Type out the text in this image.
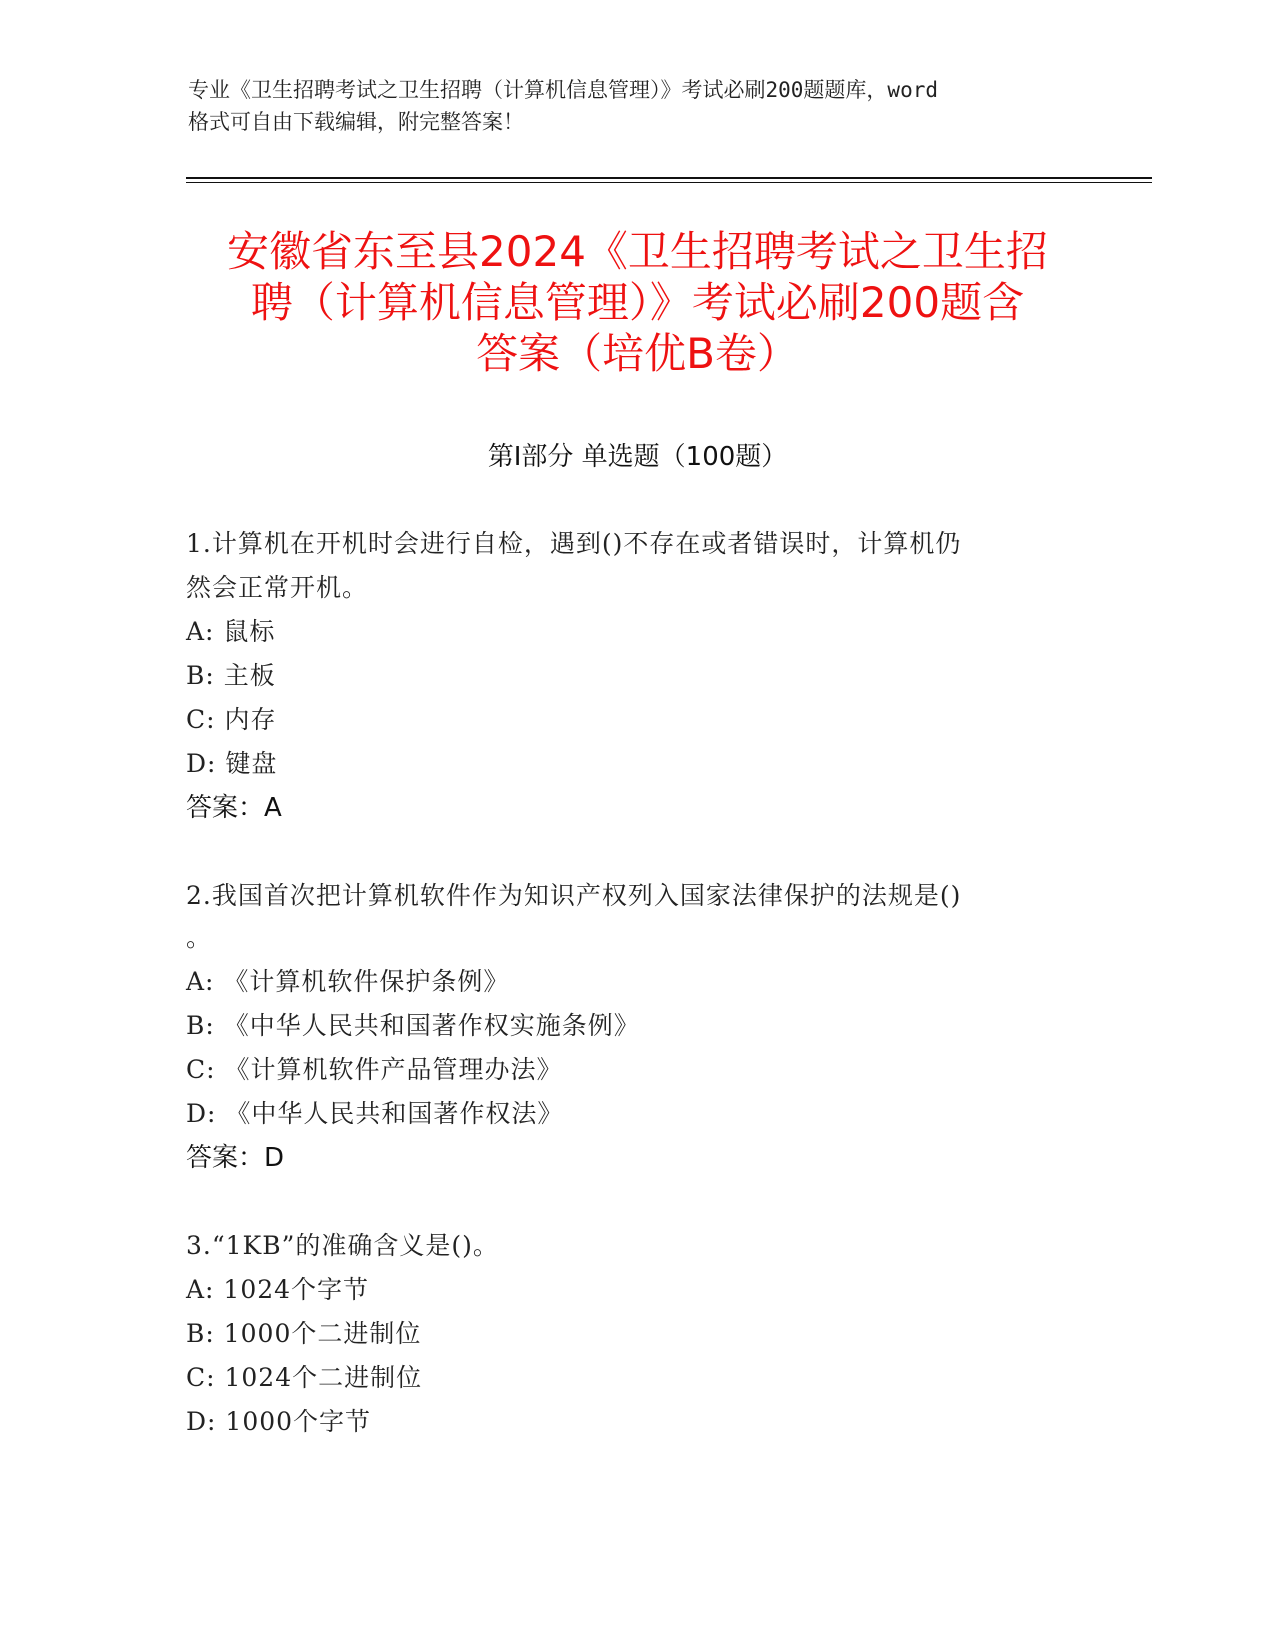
专业《卫生招聘考试之卫生招聘（计算机信息管理）》考试必刷200题题库，word
格式可自由下载编辑，附完整答案！
安徽省东至县2024《卫生招聘考试之卫生招
聘（计算机信息管理）》考试必刷200题含
答案（培优B卷）
第Ⅰ部分 单选题（100题）
1.计算机在开机时会进行自检，遇到()不存在或者错误时，计算机仍
然会正常开机。
A: 鼠标
B: 主板
C: 内存
D: 键盘
答案：A
2.我国首次把计算机软件作为知识产权列入国家法律保护的法规是()
。
A: 《计算机软件保护条例》
B: 《中华人民共和国著作权实施条例》
C: 《计算机软件产品管理办法》
D: 《中华人民共和国著作权法》
答案：D
3.“1KB”的准确含义是()。
A: 1024个字节
B: 1000个二进制位
C: 1024个二进制位
D: 1000个字节
